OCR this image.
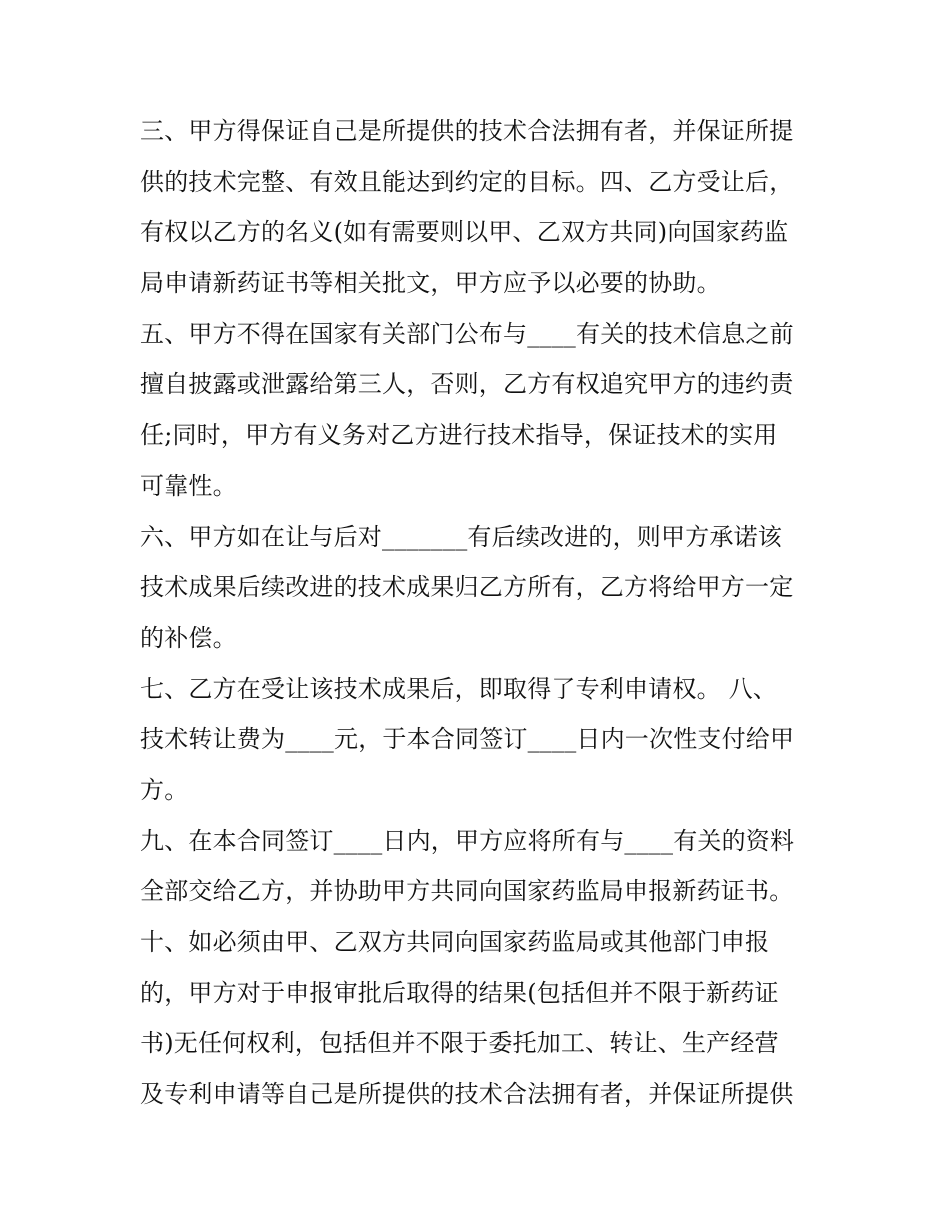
三、甲方得保证自己是所提供的技术合法拥有者，并保证所提
供的技术完整、有效且能达到约定的目标。四、乙方受让后，
有权以乙方的名义(如有需要则以甲、乙双方共同)向国家药监
局申请新药证书等相关批文，甲方应予以必要的协助。
五、甲方不得在国家有关部门公布与____有关的技术信息之前
擅自披露或泄露给第三人，否则，乙方有权追究甲方的违约责
任;同时，甲方有义务对乙方进行技术指导，保证技术的实用
可靠性。
六、甲方如在让与后对_______有后续改进的，则甲方承诺该
技术成果后续改进的技术成果归乙方所有，乙方将给甲方一定
的补偿。
七、乙方在受让该技术成果后，即取得了专利申请权。 八、
技术转让费为____元，于本合同签订____日内一次性支付给甲
方。
九、在本合同签订____日内，甲方应将所有与____有关的资料
全部交给乙方，并协助甲方共同向国家药监局申报新药证书。
十、如必须由甲、乙双方共同向国家药监局或其他部门申报
的，甲方对于申报审批后取得的结果(包括但并不限于新药证
书)无任何权利，包括但并不限于委托加工、转让、生产经营
及专利申请等自己是所提供的技术合法拥有者，并保证所提供
